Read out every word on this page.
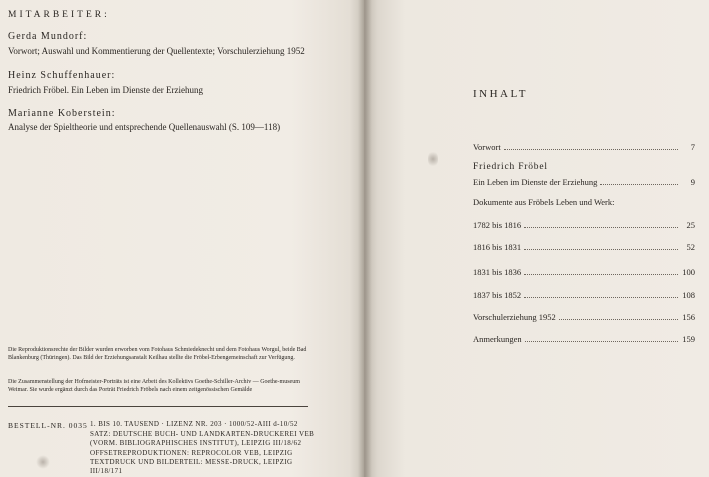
MITARBEITER:
Gerda Mundorf:
Vorwort; Auswahl und Kommentierung der Quellentexte; Vorschulerziehung 1952
Heinz Schuffenhauer:
Friedrich Fröbel. Ein Leben im Dienste der Erziehung
Marianne Koberstein:
Analyse der Spieltheorie und entsprechende Quellenauswahl (S. 109—118)
Die Reproduktionsrechte der Bilder wurden erworben vom Fotohaus Schmiedeknecht und dem Fotohaus Worgul, beide Bad Blankenburg (Thüringen). Das Bild der Erziehungsanstalt Keilhau stellte die Fröbel-Erbengemeinschaft zur Verfügung.
Die Zusammenstellung der Hofmeister-Porträts ist eine Arbeit des Kollektivs Goethe-Schiller-Archiv — Goethe-museum Weimar. Sie wurde ergänzt durch das Porträt Friedrich Fröbels nach einem zeitgenössischen Gemälde
BESTELL-NR. 0035 1. BIS 10. TAUSEND · LIZENZ NR. 203 · 1000/52-AIII d-10/52
SATZ: DEUTSCHE BUCH- UND LANDKARTEN-DRUCKEREI VEB
(VORM. BIBLIOGRAPHISCHES INSTITUT), LEIPZIG III/18/62
OFFSETREPRODUKTIONEN: REPROCOLOR VEB, LEIPZIG
TEXTDRUCK UND BILDERTEIL: MESSE-DRUCK, LEIPZIG
III/18/171
INHALT
Vorwort	7
Friedrich Fröbel
Ein Leben im Dienste der Erziehung	9
Dokumente aus Fröbels Leben und Werk:
1782 bis 1816	25
1816 bis 1831	52
1831 bis 1836	100
1837 bis 1852	108
Vorschulerziehung 1952	156
Anmerkungen	159
